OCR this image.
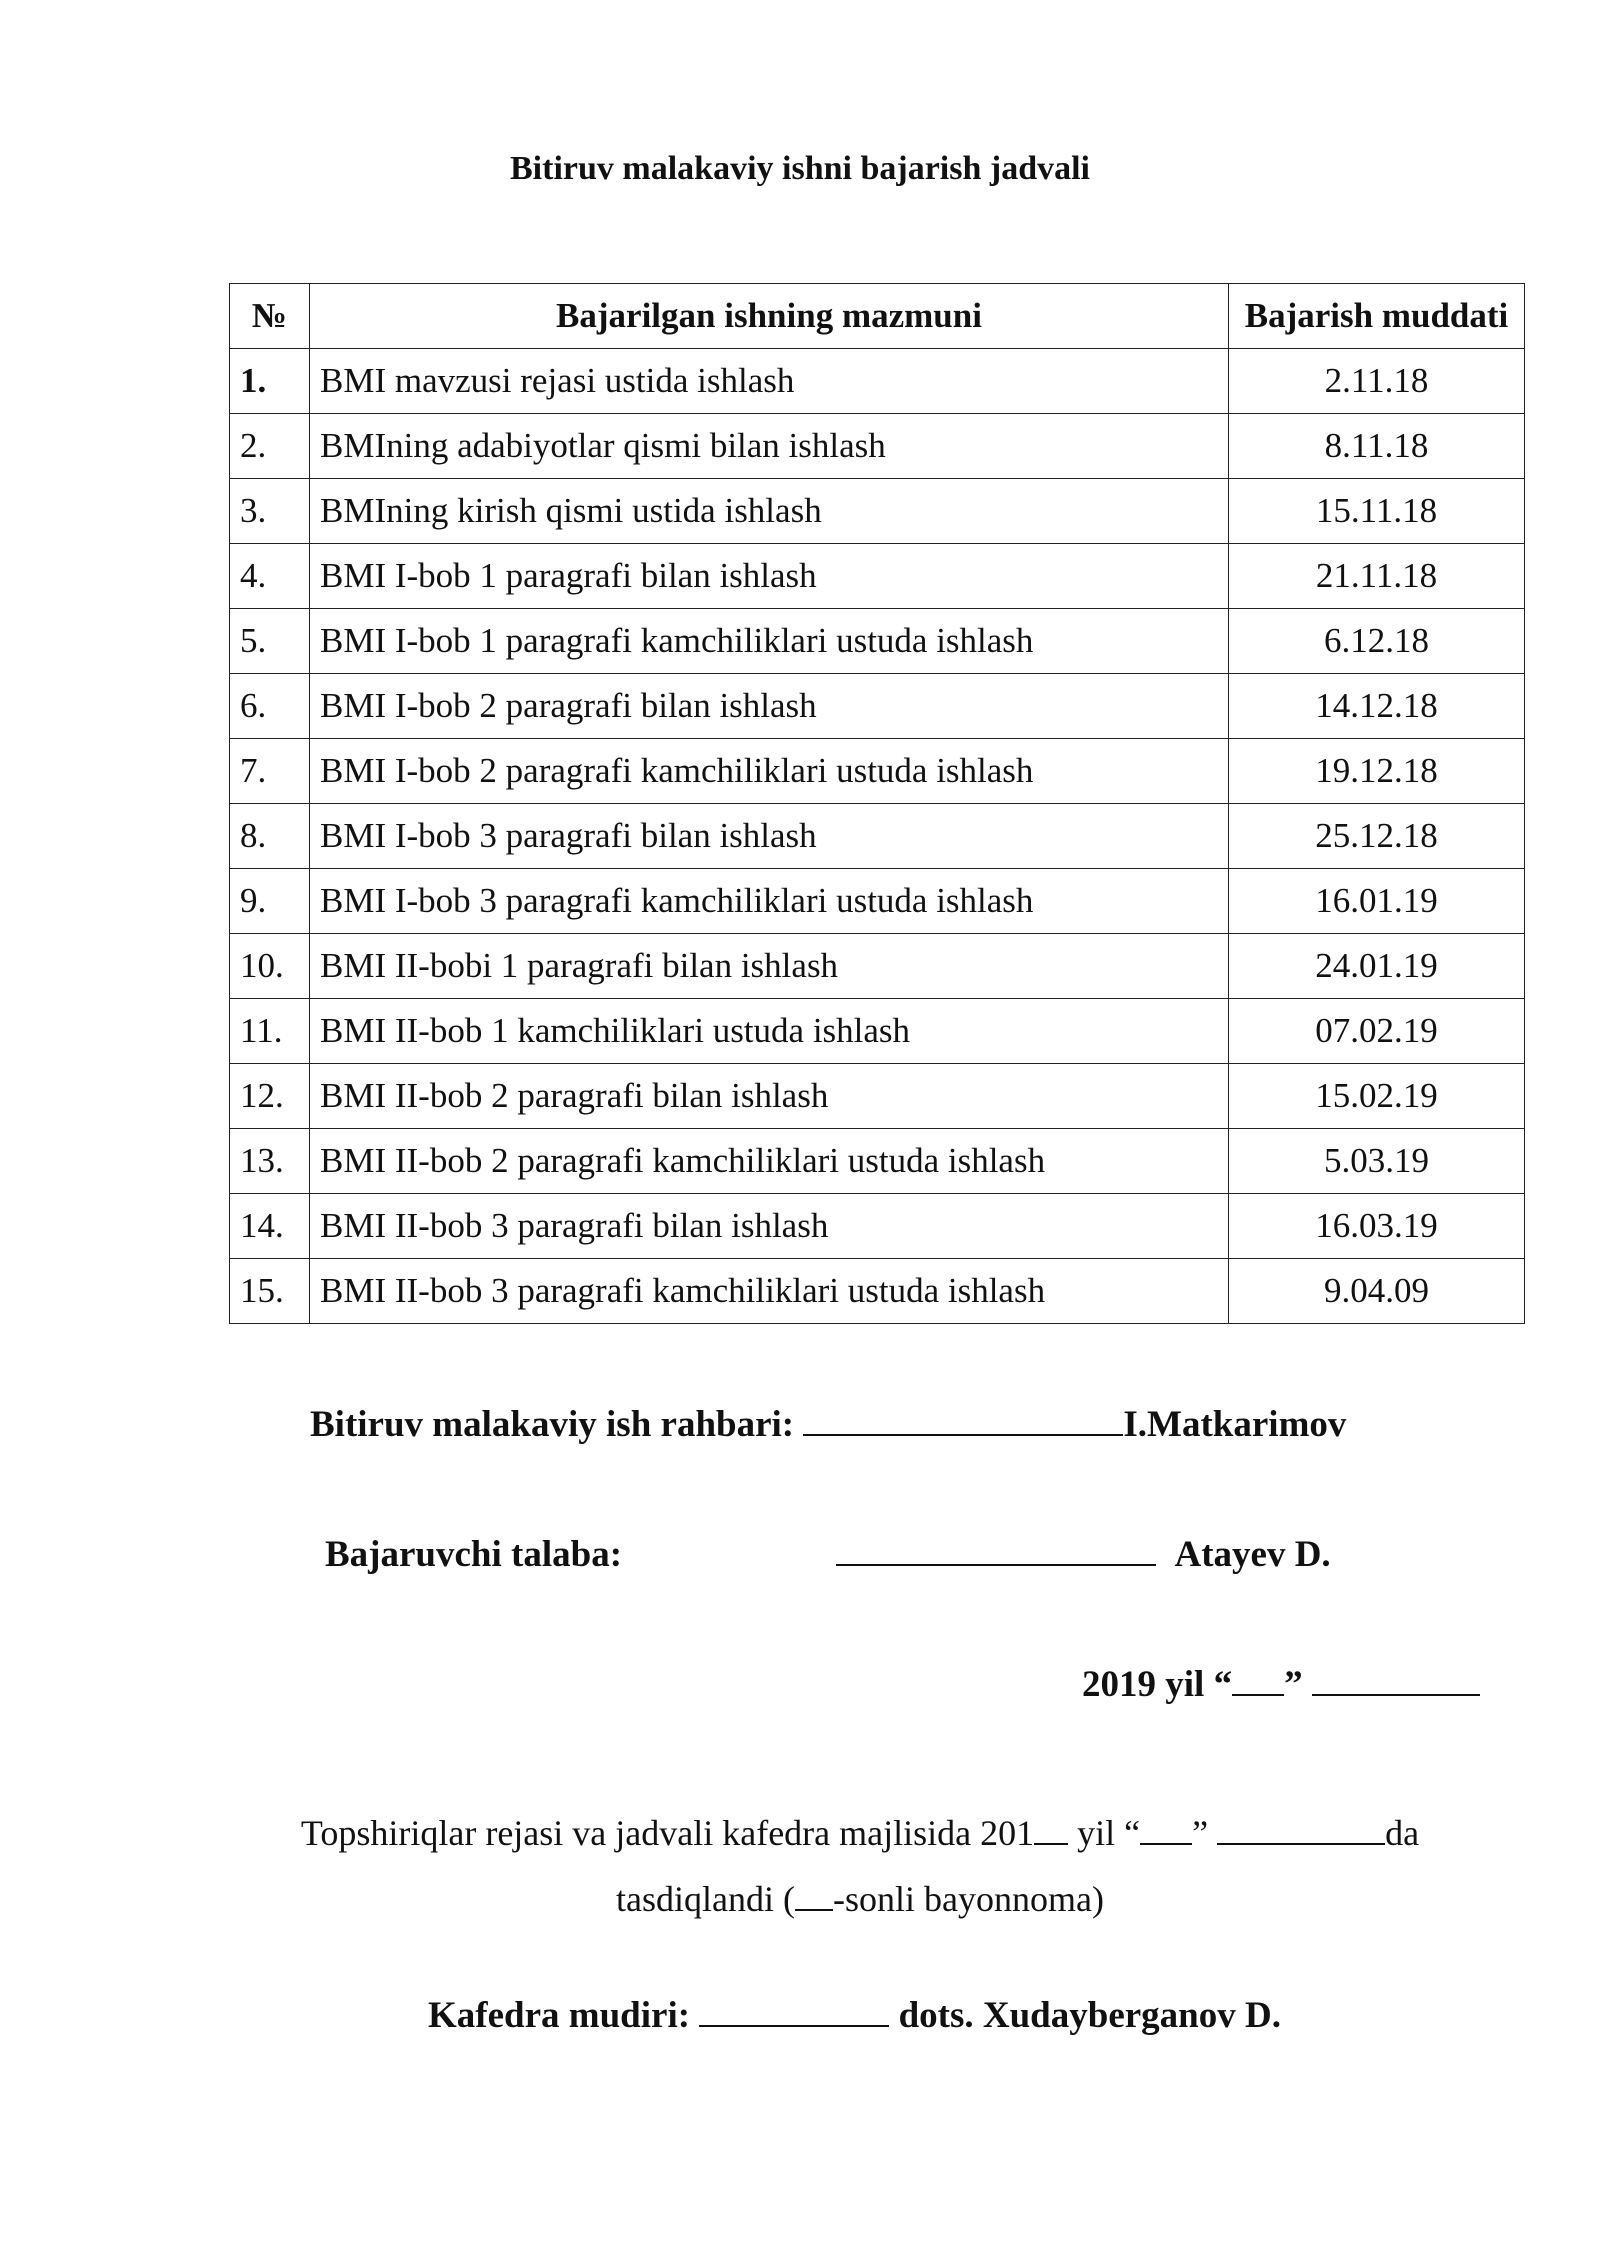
Bitiruv malakaviy ishni bajarish jadvali
№	Bajarilgan ishning mazmuni	Bajarish muddati
1.	BMI mavzusi rejasi ustida ishlash	2.11.18
2.	BMIning adabiyotlar qismi bilan ishlash	8.11.18
3.	BMIning kirish qismi ustida ishlash	15.11.18
4.	BMI I-bob 1 paragrafi bilan ishlash	21.11.18
5.	BMI I-bob 1 paragrafi kamchiliklari ustuda ishlash	6.12.18
6.	BMI I-bob 2 paragrafi bilan ishlash	14.12.18
7.	BMI I-bob 2 paragrafi kamchiliklari ustuda ishlash	19.12.18
8.	BMI I-bob 3 paragrafi bilan ishlash	25.12.18
9.	BMI I-bob 3 paragrafi kamchiliklari ustuda ishlash	16.01.19
10.	BMI II-bobi 1 paragrafi bilan ishlash	24.01.19
11.	BMI II-bob 1 kamchiliklari ustuda ishlash	07.02.19
12.	BMI II-bob 2 paragrafi bilan ishlash	15.02.19
13.	BMI II-bob 2 paragrafi kamchiliklari ustuda ishlash	5.03.19
14.	BMI II-bob 3 paragrafi bilan ishlash	16.03.19
15.	BMI II-bob 3 paragrafi kamchiliklari ustuda ishlash	9.04.09
Bitiruv malakaviy ish rahbari:	I.Matkarimov
Bajaruvchi talaba:	Atayev D.
2019 yil “ ”
Topshiriqlar rejasi va jadvali kafedra majlisida 201 yil “ ”	da
tasdiqlandi ( -sonli bayonnoma)
Kafedra mudiri:	dots. Xudayberganov D.
